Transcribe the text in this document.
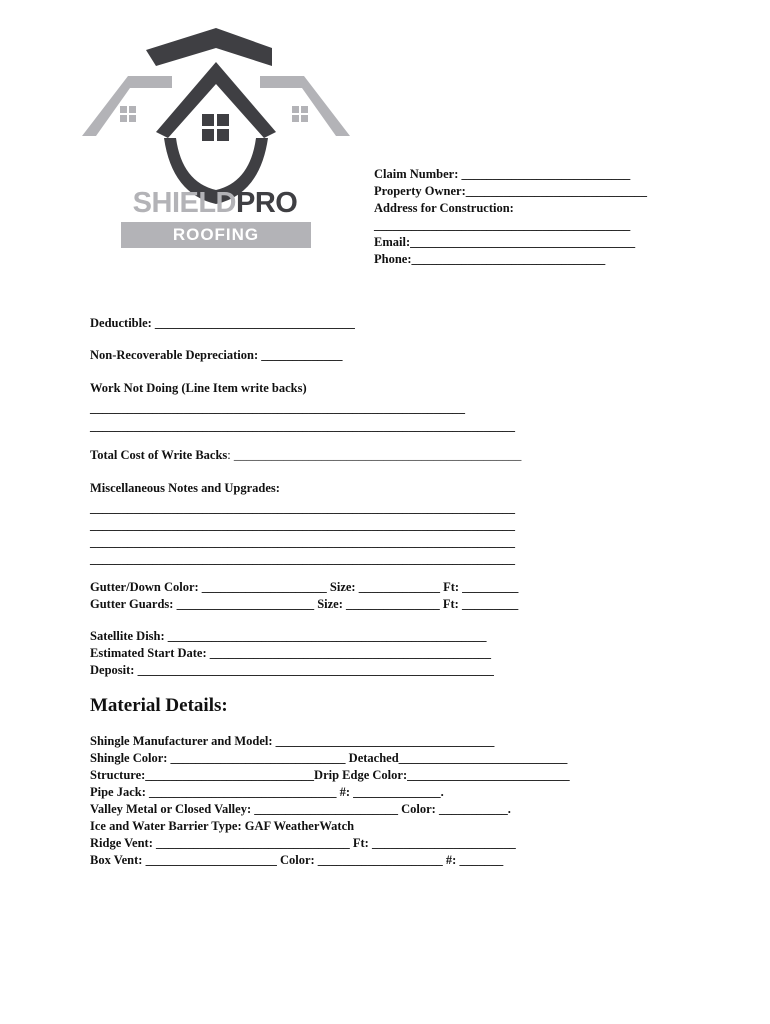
SHIELDPRO
ROOFING
Claim Number: ___________________________
Property Owner:_____________________________
Address for Construction:
_________________________________________
Email:____________________________________
Phone:_______________________________
Deductible: ________________________________
Non-Recoverable Depreciation: _____________
Work Not Doing (Line Item write backs)
____________________________________________________________
____________________________________________________________________
Total Cost of Write Backs: ______________________________________________
Miscellaneous Notes and Upgrades:
____________________________________________________________________
____________________________________________________________________
____________________________________________________________________
____________________________________________________________________
Gutter/Down Color: ____________________ Size: _____________ Ft: _________
Gutter Guards: ______________________ Size: _______________ Ft: _________
Satellite Dish: ___________________________________________________
Estimated Start Date: _____________________________________________
Deposit: _________________________________________________________
Material Details:
Shingle Manufacturer and Model: ___________________________________
Shingle Color: ____________________________ Detached___________________________
Structure:___________________________Drip Edge Color:__________________________
Pipe Jack: ______________________________ #: ______________.
Valley Metal or Closed Valley: _______________________ Color: ___________.
Ice and Water Barrier Type: GAF WeatherWatch
Ridge Vent: _______________________________ Ft: _______________________
Box Vent: _____________________ Color: ____________________ #: _______
